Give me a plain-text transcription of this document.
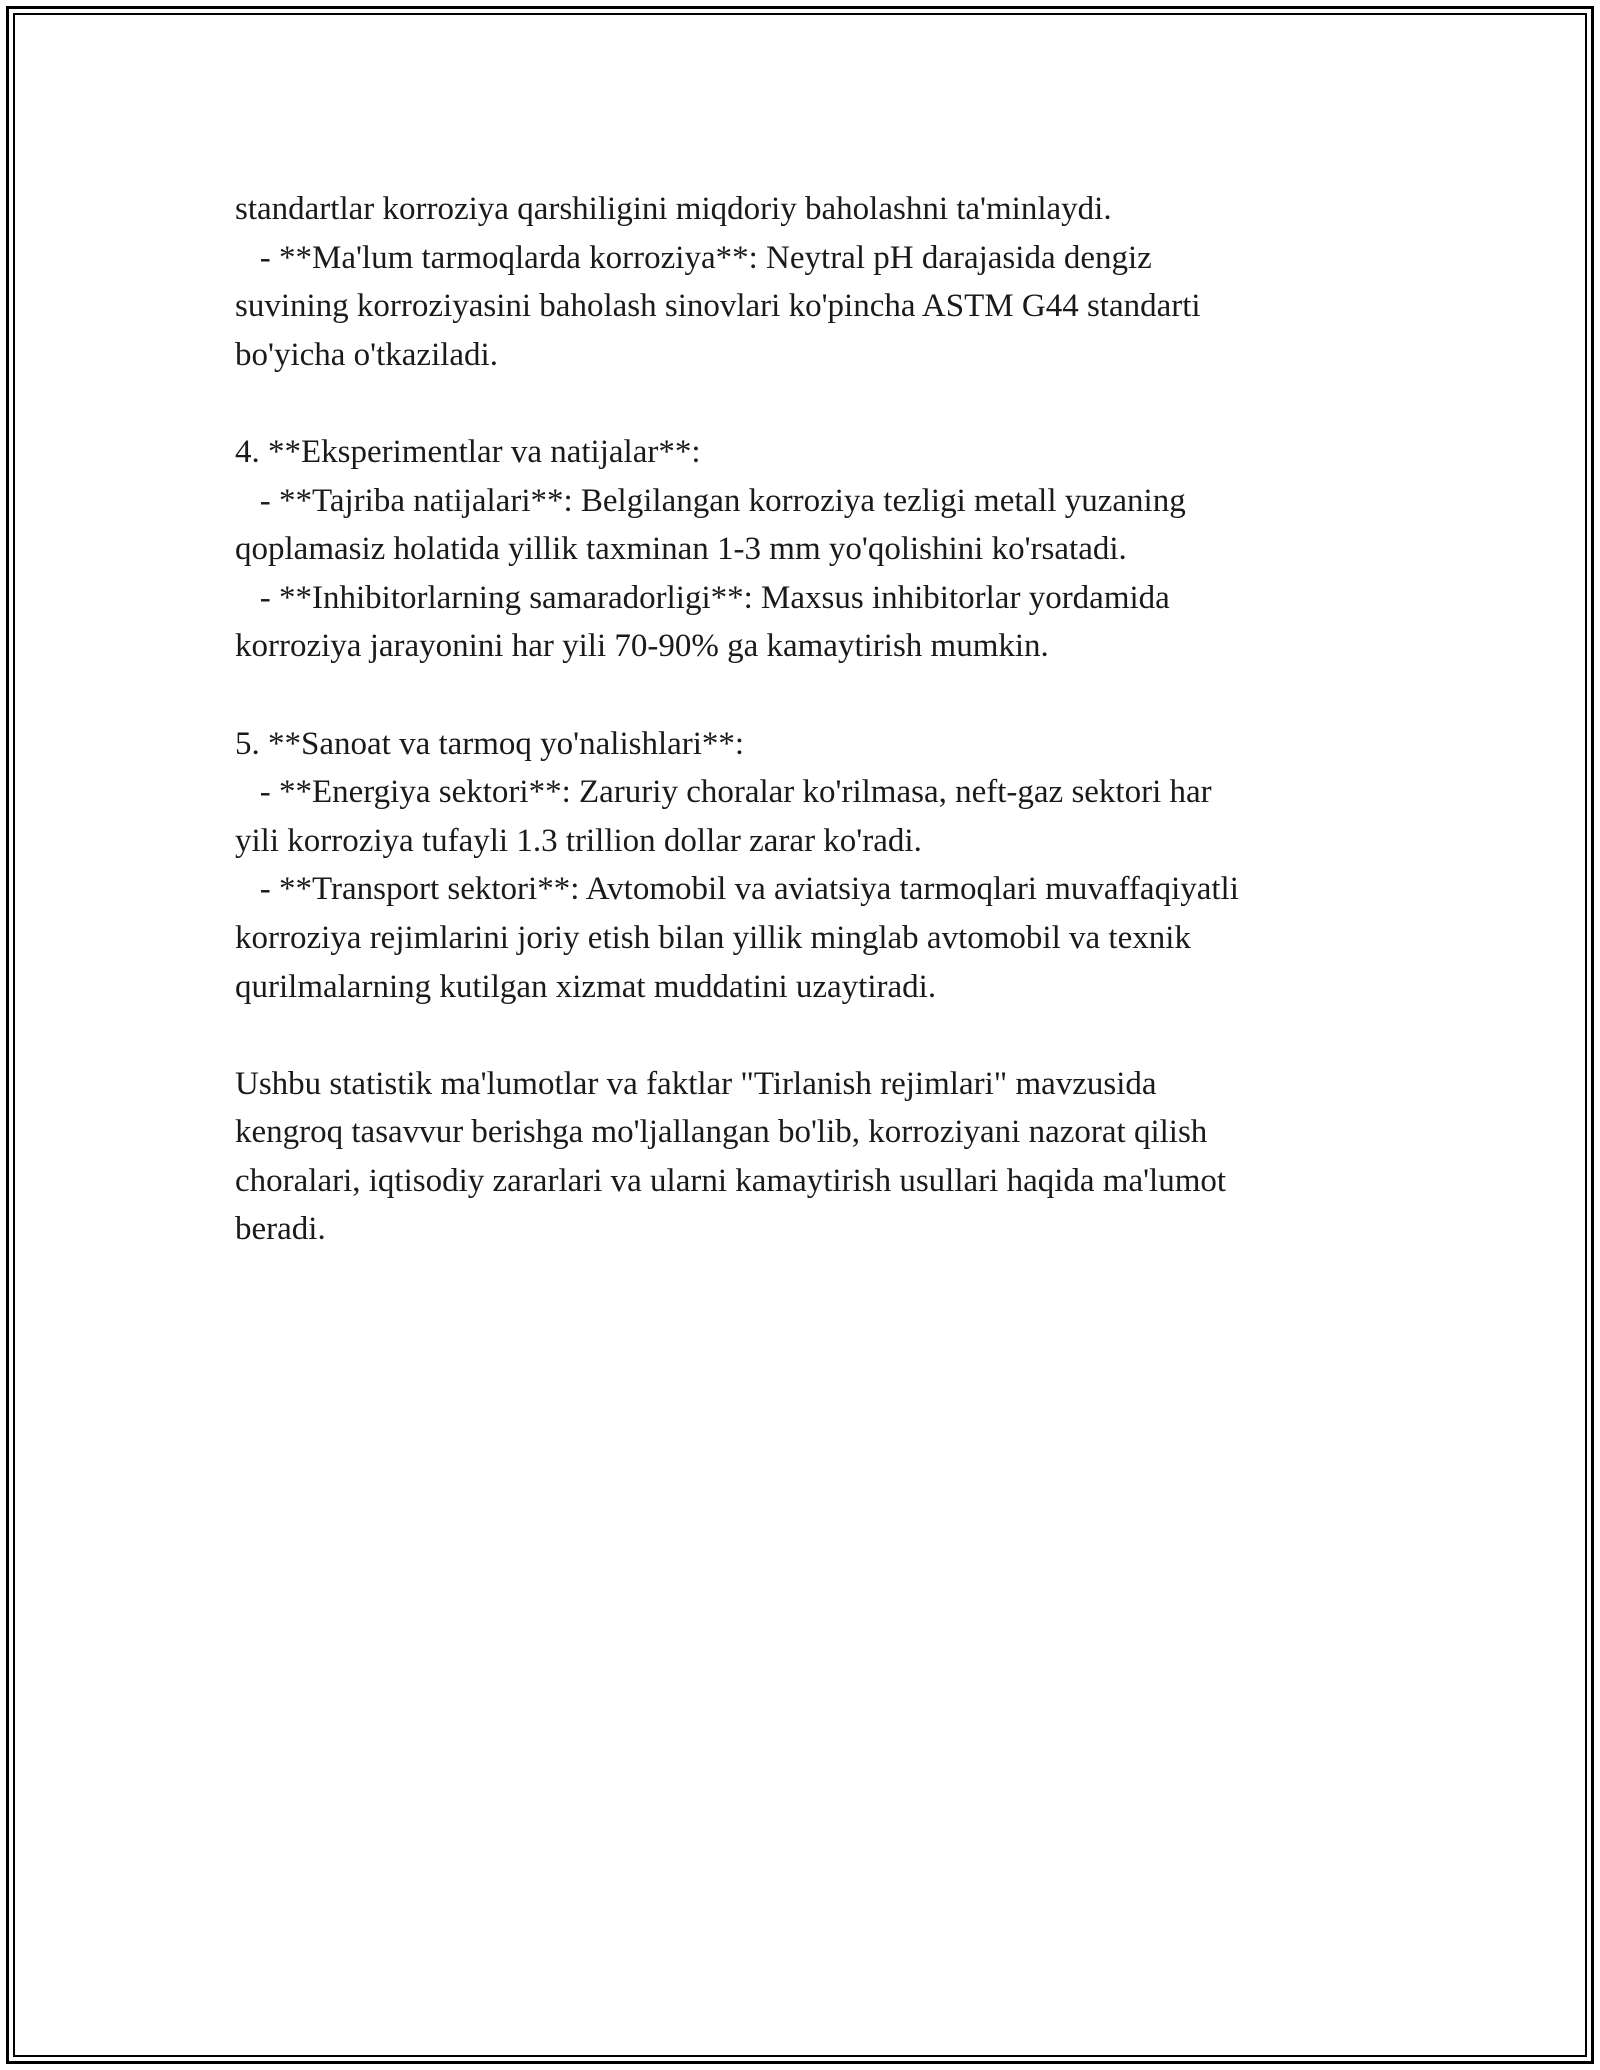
standartlar korroziya qarshiligini miqdoriy baholashni ta'minlaydi.
- **Ma'lum tarmoqlarda korroziya**: Neytral pH darajasida dengiz
suvining korroziyasini baholash sinovlari ko'pincha ASTM G44 standarti
bo'yicha o'tkaziladi.
4. **Eksperimentlar va natijalar**:
- **Tajriba natijalari**: Belgilangan korroziya tezligi metall yuzaning
qoplamasiz holatida yillik taxminan 1-3 mm yo'qolishini ko'rsatadi.
- **Inhibitorlarning samaradorligi**: Maxsus inhibitorlar yordamida
korroziya jarayonini har yili 70-90% ga kamaytirish mumkin.
5. **Sanoat va tarmoq yo'nalishlari**:
- **Energiya sektori**: Zaruriy choralar ko'rilmasa, neft-gaz sektori har
yili korroziya tufayli 1.3 trillion dollar zarar ko'radi.
- **Transport sektori**: Avtomobil va aviatsiya tarmoqlari muvaffaqiyatli
korroziya rejimlarini joriy etish bilan yillik minglab avtomobil va texnik
qurilmalarning kutilgan xizmat muddatini uzaytiradi.
Ushbu statistik ma'lumotlar va faktlar "Tirlanish rejimlari" mavzusida
kengroq tasavvur berishga mo'ljallangan bo'lib, korroziyani nazorat qilish
choralari, iqtisodiy zararlari va ularni kamaytirish usullari haqida ma'lumot
beradi.
